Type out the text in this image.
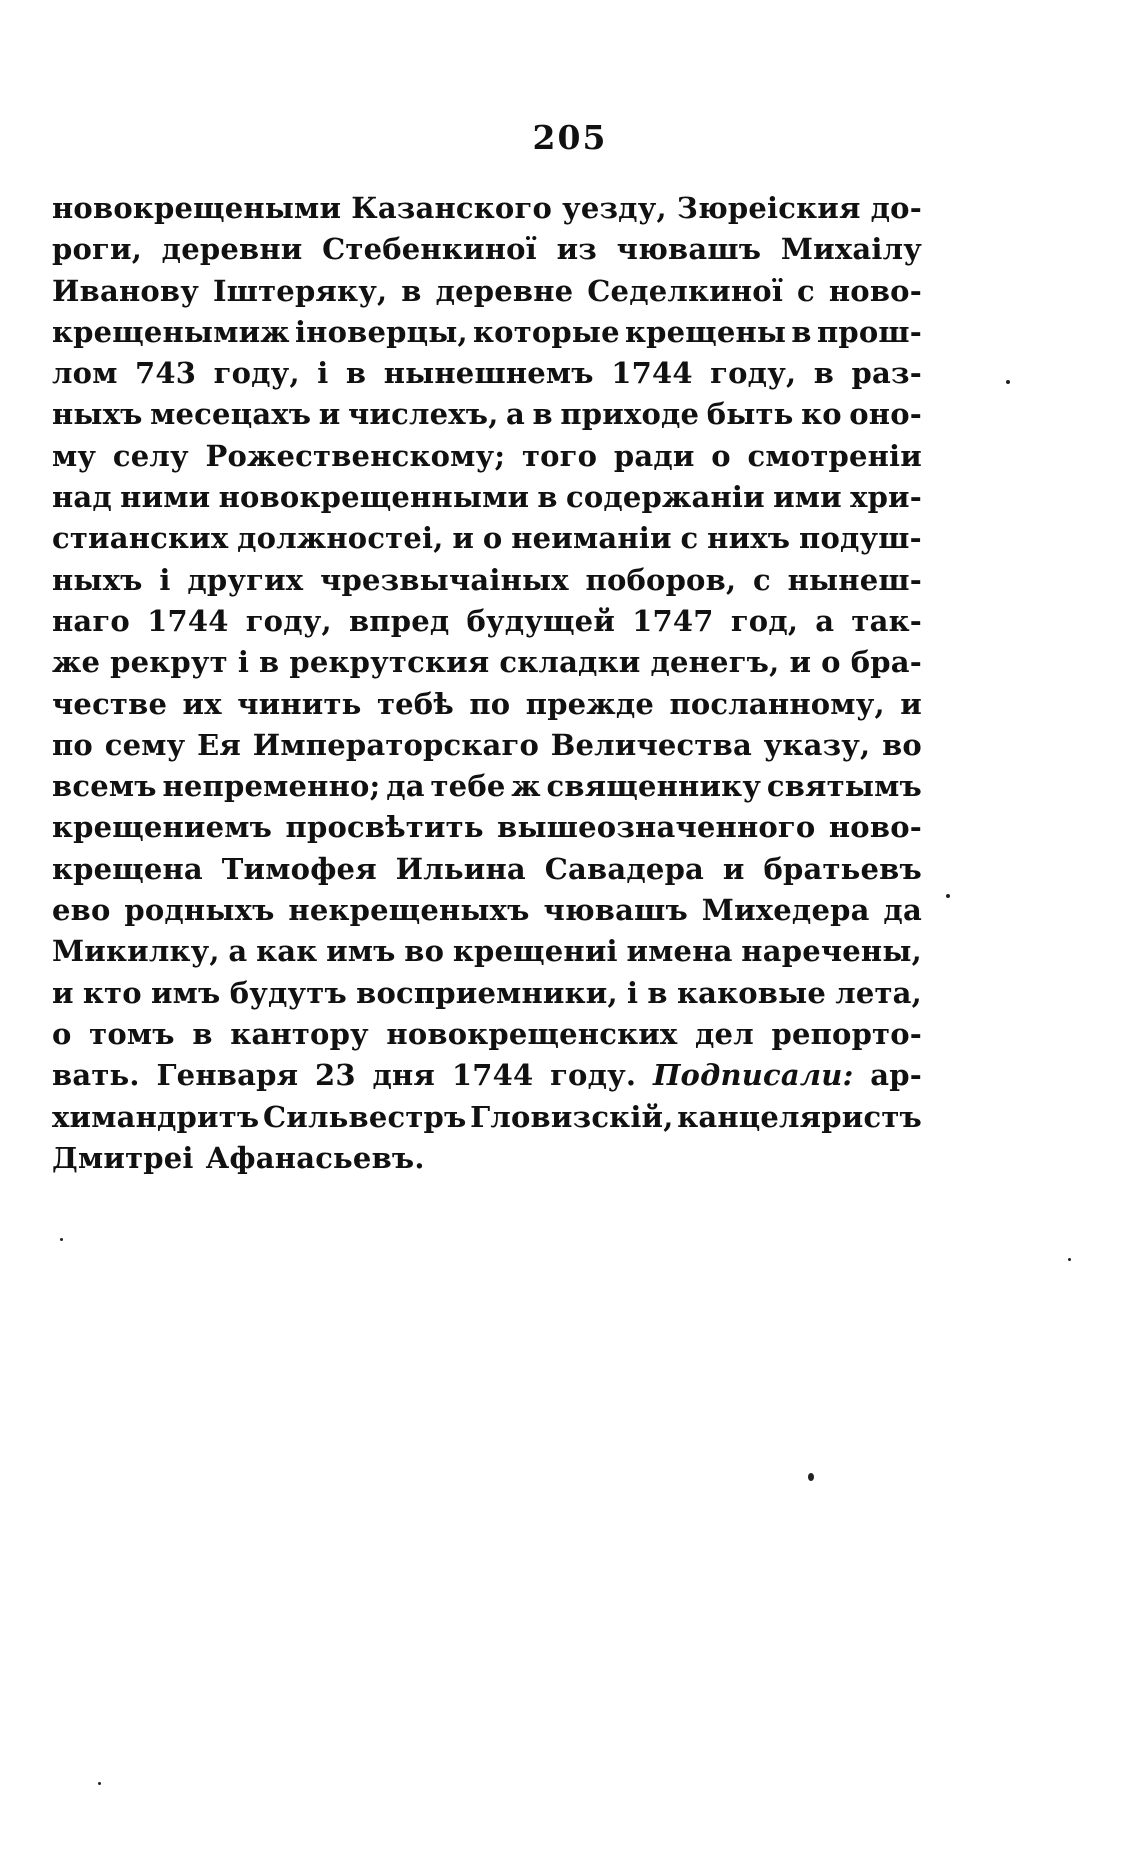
205
новокрещеными Казанского уезду, Зюреіския до-
роги, деревни Стебенкиної из чювашъ Михаілу
Иванову Іштеряку, в деревне Седелкиної с ново-
крещенымиж іноверцы, которые крещены в прош-
лом 743 году, і в нынешнемъ 1744 году, в раз-
ныхъ месецахъ и числехъ, а в приходе быть ко оно-
му селу Рожественскому; того ради о смотреніи
над ними новокрещенными в содержаніи ими хри-
стианских должностеі, и о неиманіи с нихъ подуш-
ныхъ і других чрезвычаіных поборов, с нынеш-
наго 1744 году, впред будущей 1747 год, а так-
же рекрут і в рекрутския складки денегъ, и о бра-
честве их чинить тебѣ по прежде посланному, и
по сему Ея Императорскаго Величества указу, во
всемъ непременно; да тебе ж священнику святымъ
крещениемъ просвѣтить вышеозначенного ново-
крещена Тимофея Ильина Савадера и братьевъ
ево родныхъ некрещеныхъ чювашъ Михедера да
Микилку, а как имъ во крещениі имена наречены,
и кто имъ будутъ восприемники, і в каковые лета,
о томъ в кантору новокрещенских дел репорто-
вать. Генваря 23 дня 1744 году. Подписали: ар-
химандритъ Сильвестръ Гловизскій, канцеляристъ
Дмитреі Афанасьевъ.
